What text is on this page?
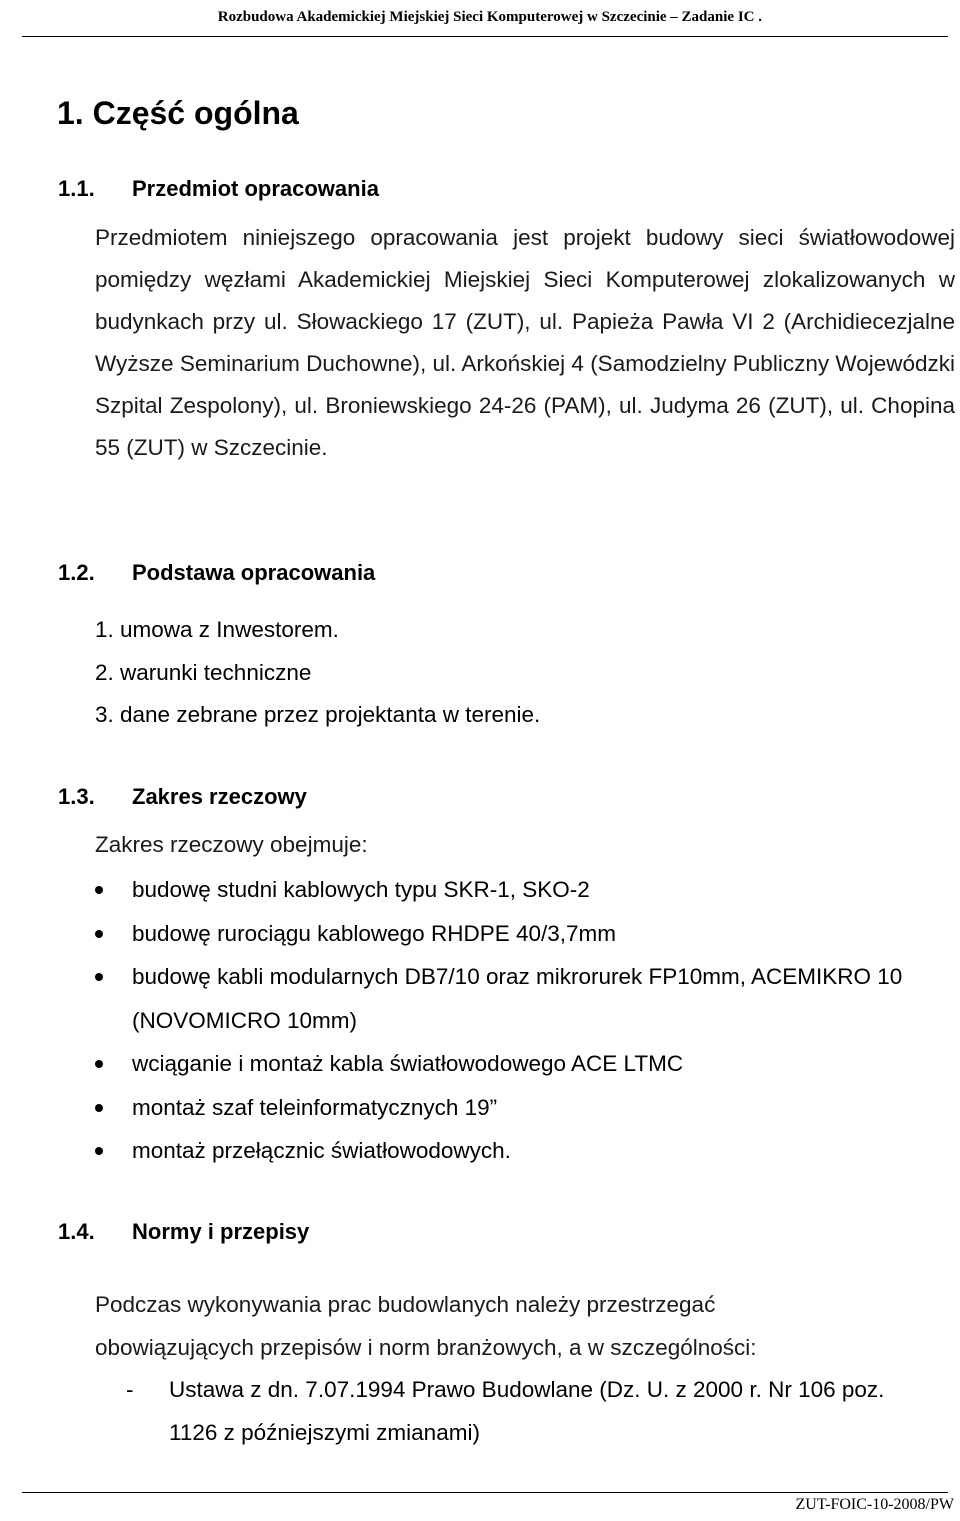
Rozbudowa Akademickiej Miejskiej Sieci Komputerowej w Szczecinie – Zadanie IC .
1. Część ogólna
1.1. Przedmiot opracowania
Przedmiotem niniejszego opracowania jest projekt budowy sieci światłowodowej pomiędzy węzłami Akademickiej Miejskiej Sieci Komputerowej zlokalizowanych w budynkach przy ul. Słowackiego 17 (ZUT), ul. Papieża Pawła VI 2 (Archidiecezjalne Wyższe Seminarium Duchowne), ul. Arkońskiej 4 (Samodzielny Publiczny Wojewódzki Szpital Zespolony), ul. Broniewskiego 24-26 (PAM), ul. Judyma 26 (ZUT), ul. Chopina 55 (ZUT) w Szczecinie.
1.2. Podstawa opracowania
1. umowa z Inwestorem.
2. warunki techniczne
3. dane zebrane przez projektanta w terenie.
1.3. Zakres rzeczowy
Zakres rzeczowy obejmuje:
budowę studni kablowych typu SKR-1, SKO-2
budowę rurociągu kablowego RHDPE 40/3,7mm
budowę kabli modularnych DB7/10 oraz mikrorurek FP10mm, ACEMIKRO 10 (NOVOMICRO 10mm)
wciąganie i montaż kabla światłowodowego ACE LTMC
montaż szaf teleinformatycznych 19”
montaż przełącznic światłowodowych.
1.4. Normy i przepisy
Podczas wykonywania prac budowlanych należy przestrzegać
obowiązujących przepisów i norm branżowych, a w szczególności:
-	Ustawa z dn. 7.07.1994 Prawo Budowlane (Dz. U. z 2000 r. Nr 106 poz. 1126 z późniejszymi zmianami)
ZUT-FOIC-10-2008/PW
